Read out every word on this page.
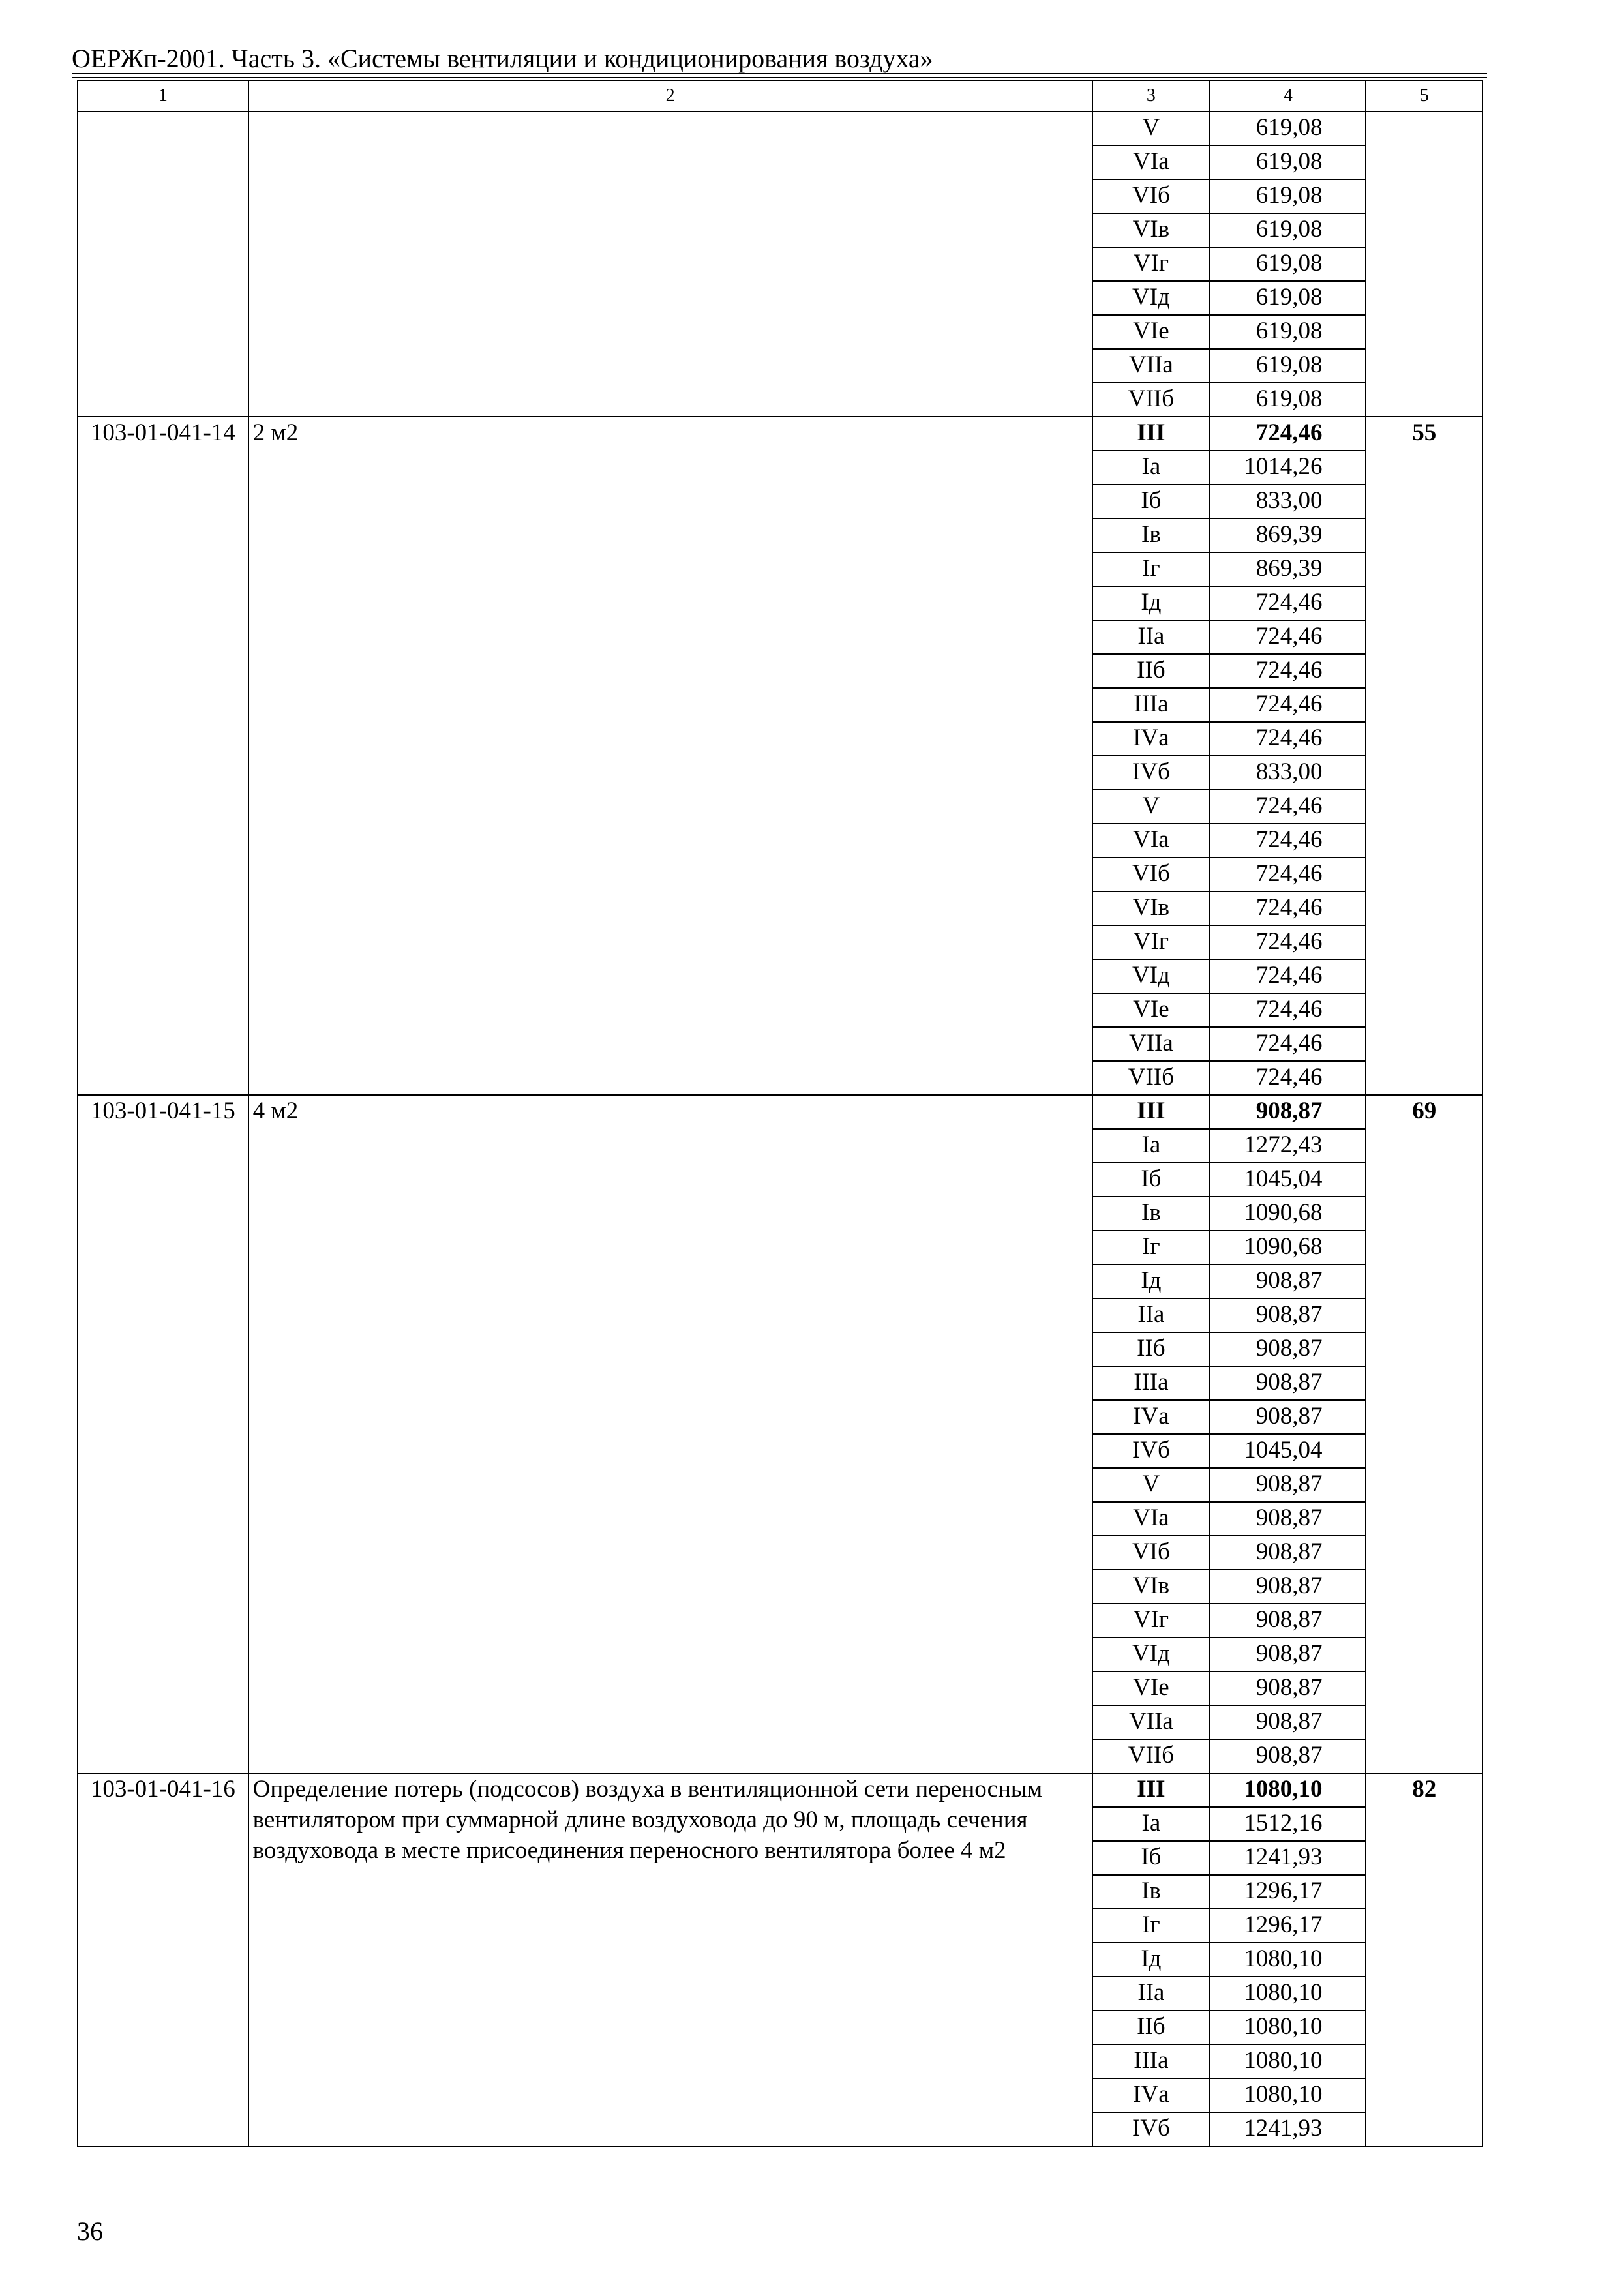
ОЕРЖп-2001. Часть 3. «Системы вентиляции и кондиционирования воздуха»
1	2	3	4	5
		V	619,08	
		VIа	619,08	
		VIб	619,08	
		VIв	619,08	
		VIг	619,08	
		VIд	619,08	
		VIе	619,08	
		VIIа	619,08	
		VIIб	619,08	
103-01-041-14	2 м2	III	724,46	55
		Iа	1014,26	
		Iб	833,00	
		Iв	869,39	
		Iг	869,39	
		Iд	724,46	
		IIа	724,46	
		IIб	724,46	
		IIIа	724,46	
		IVа	724,46	
		IVб	833,00	
		V	724,46	
		VIа	724,46	
		VIб	724,46	
		VIв	724,46	
		VIг	724,46	
		VIд	724,46	
		VIе	724,46	
		VIIа	724,46	
		VIIб	724,46	
103-01-041-15	4 м2	III	908,87	69
		Iа	1272,43	
		Iб	1045,04	
		Iв	1090,68	
		Iг	1090,68	
		Iд	908,87	
		IIа	908,87	
		IIб	908,87	
		IIIа	908,87	
		IVа	908,87	
		IVб	1045,04	
		V	908,87	
		VIа	908,87	
		VIб	908,87	
		VIв	908,87	
		VIг	908,87	
		VIд	908,87	
		VIе	908,87	
		VIIа	908,87	
		VIIб	908,87	
103-01-041-16	Определение потерь (подсосов) воздуха в вентиляционной сети переносным вентилятором при суммарной длине воздуховода до 90 м, площадь сечения воздуховода в месте присоединения переносного вентилятора более 4 м2	III	1080,10	82
		Iа	1512,16	
		Iб	1241,93	
		Iв	1296,17	
		Iг	1296,17	
		Iд	1080,10	
		IIа	1080,10	
		IIб	1080,10	
		IIIа	1080,10	
		IVа	1080,10	
		IVб	1241,93	
36
